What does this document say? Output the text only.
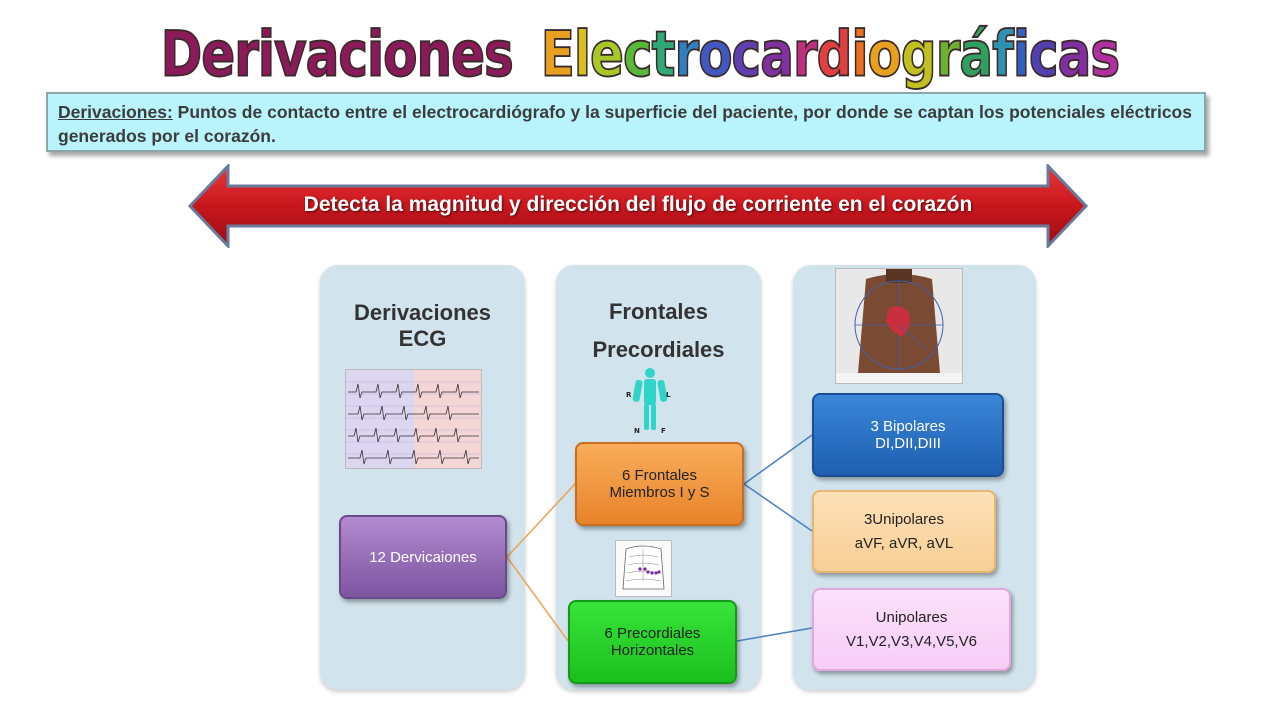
Derivaciones Electrocardiográficas
Derivaciones: Puntos de contacto entre el electrocardiógrafo y la superficie del paciente, por donde se captan los potenciales eléctricos generados por el corazón.
Detecta la magnitud y dirección del flujo de corriente en el corazón
Derivaciones
ECG
Frontales
Precordiales
R	L
N	F
12 Dervicaiones
6 Frontales
Miembros I y S
6 Precordiales
Horizontales
3 Bipolares
DI,DII,DIII
3Unipolares
aVF, aVR, aVL
Unipolares
V1,V2,V3,V4,V5,V6
